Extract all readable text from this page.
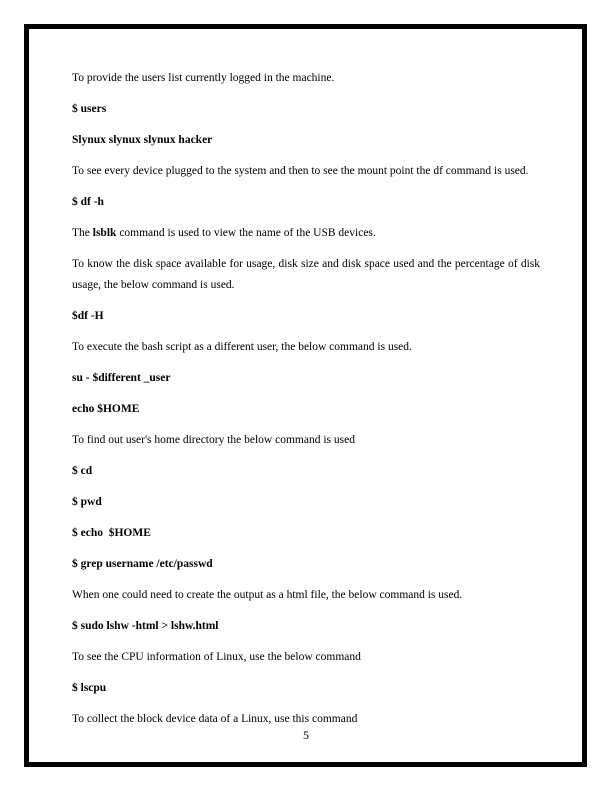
To provide the users list currently logged in the machine.

$ users

Slynux slynux slynux hacker

To see every device plugged to the system and then to see the mount point the df command is used.

$ df -h

The lsblk command is used to view the name of the USB devices.

To know the disk space available for usage, disk size and disk space used and the percentage of disk usage, the below command is used.

$df -H

To execute the bash script as a different user, the below command is used.

su - $different _user

echo $HOME

To find out user's home directory the below command is used

$ cd

$ pwd

$ echo  $HOME

$ grep username /etc/passwd

When one could need to create the output as a html file, the below command is used.

$ sudo lshw -html > lshw.html

To see the CPU information of Linux, use the below command

$ lscpu

To collect the block device data of a Linux, use this command

5
